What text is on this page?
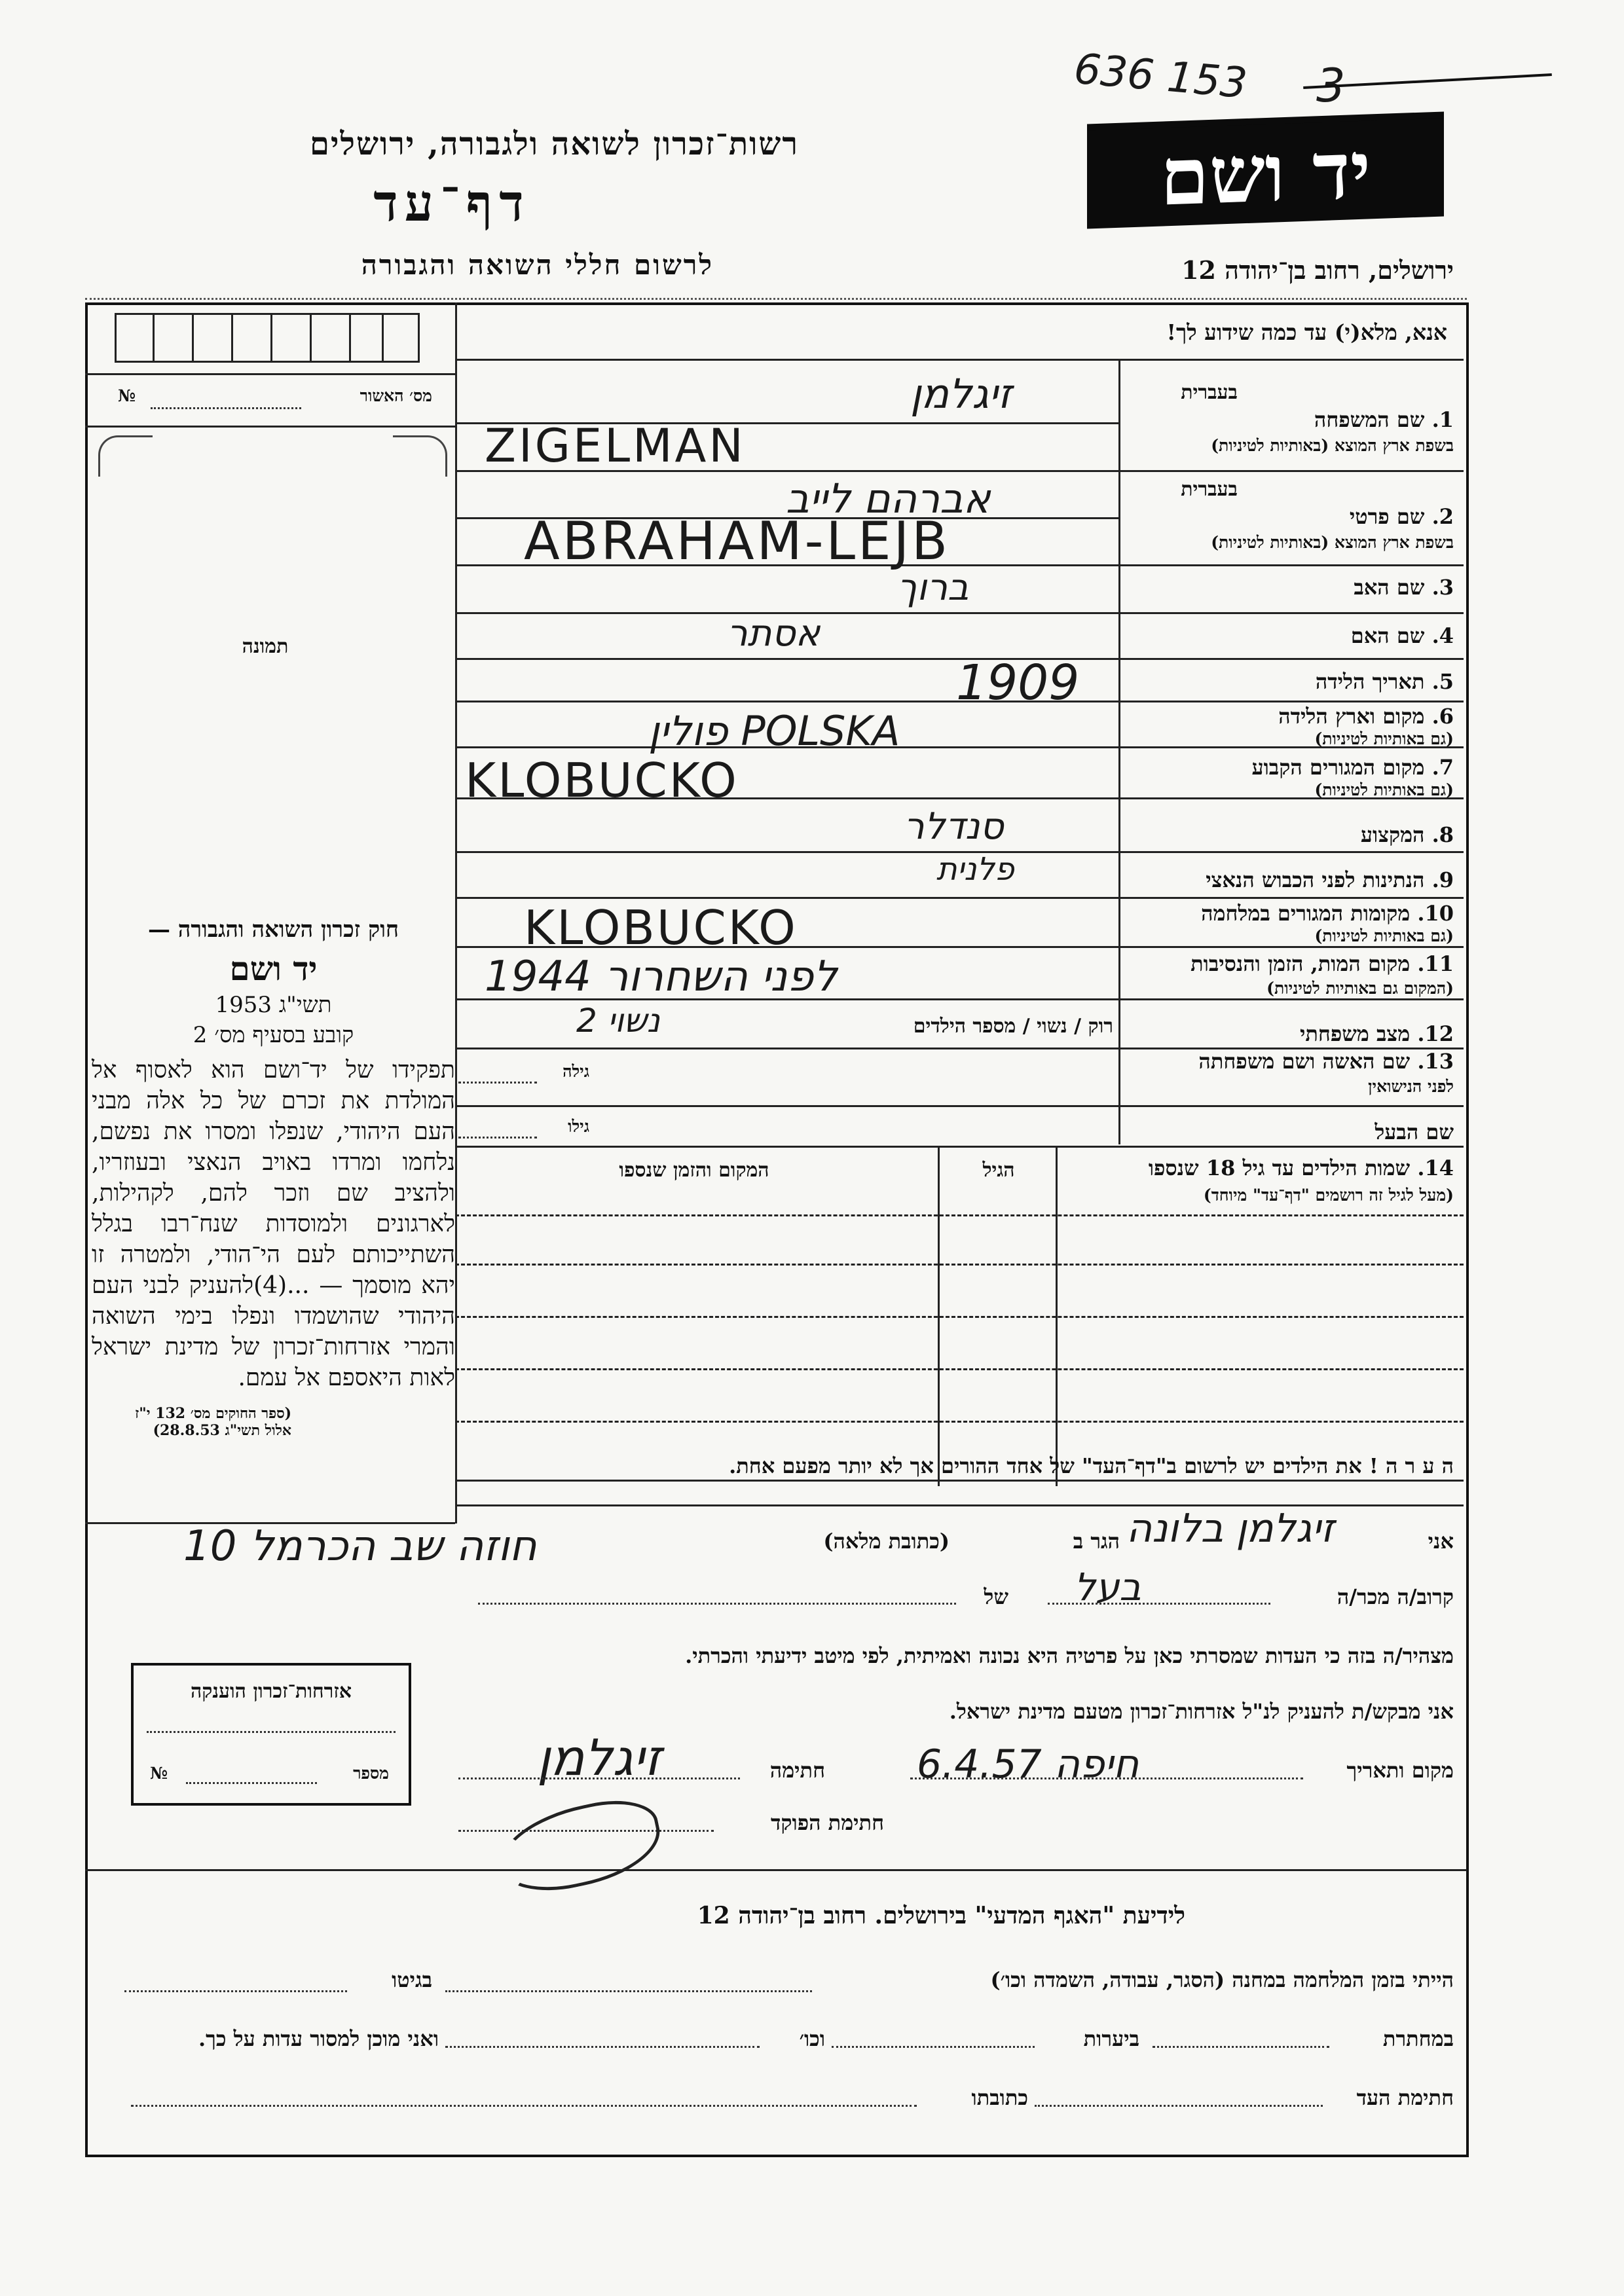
636 153 3
רשות־זכרון לשואה ולגבורה, ירושלים
דף־עד
לרשום חללי השואה והגבורה
יד ושם
ירושלים, רחוב בן־יהודה 12
אנא, מלא(י) עד כמה שידוע לך!
מס׳ האשור
№
תמונה
חוק זכרון השואה והגבורה —
יד ושם
תשי"ג 1953
קובע בסעיף מס׳ 2
תפקידו של יד־ושם הוא לאסוף אל המולדת את זכרם של כל אלה מבני העם היהודי, שנפלו ומסרו את נפשם, נלחמו ומרדו באויב הנאצי ובעוזריו, ולהציב שם וזכר להם, לקהילות, לארגונים ולמוסדות שנח־רבו בגלל השתייכותם לעם הי־הודי, ולמטרה זו יהא מוסמך — ...(4)להעניק לבני העם היהודי שהושמדו ונפלו בימי השואה והמרי אזרחות־זכרון של מדינת ישראל לאות היאספם אל עמם.
(ספר החוקים מס׳ 132 י"ז אלול תשי"ג 28.8.53)
בעברית
1. שם המשפחה
בשפת ארץ המוצא (באותיות לטיניות)
בעברית
2. שם פרטי
בשפת ארץ המוצא (באותיות לטיניות)
3. שם האב
4. שם האם
5. תאריך הלידה
6. מקום וארץ הלידה
(גם באותיות לטיניות)
7. מקום המגורים הקבוע
(גם באותיות לטיניות)
8. המקצוע
9. הנתינות לפני הכבוש הנאצי
10. מקומות המגורים במלחמה
(גם באותיות לטיניות)
11. מקום המות, הזמן והנסיבות
(המקום גם באותיות לטיניות)
12. מצב משפחתי
13. שם האשה ושם משפחתה
לפני הנישואין
שם הבעל
זיגלמן
ZIGELMAN
אברהם לייב
ABRAHAM-LEJB
ברוך
אסתר
1909
פולין POLSKA
KLOBUCKO
סנדלר
פלנית
KLOBUCKO
לפני השחרור 1944
נשוי 2	רוק / נשוי / מספר הילדים
גילה
גילו
14. שמות הילדים עד גיל 18 שנספו
(מעל לגיל זה רושמים "דף־עד" מיוחד)
הגיל
המקום והזמן שנספו
ה ע ר ה ! את הילדים יש לרשום ב"דף־העד" של אחד ההורים אך לא יותר מפעם אחת.
אני
זיגלמן בלונה
הגר ב
(כתובת מלאה)
חוזה שב הכרמל 10
קרוב/ה מכר/ה
בעל
של
מצהיר/ה בזה כי העדות שמסרתי כאן על פרטיה היא נכונה ואמיתית, לפי מיטב ידיעתי והכרתי.
אני מבקש/ת להעניק לנ"ל אזרחות־זכרון מטעם מדינת ישראל.
מקום ותאריך
חיפה 6.4.57
חתימה
זיגלמן
חתימת הפוקד
אזרחות־זכרון הוענקה
מספר
№
לידיעת "האגף המדעי" בירושלים. רחוב בן־יהודה 12
הייתי בזמן המלחמה במחנה (הסגר, עבודה, השמדה וכו׳)
בגיטו
במחתרת
ביערות
וכו׳
ואני מוכן למסור עדות על כך.
חתימת העד
כתובתו
